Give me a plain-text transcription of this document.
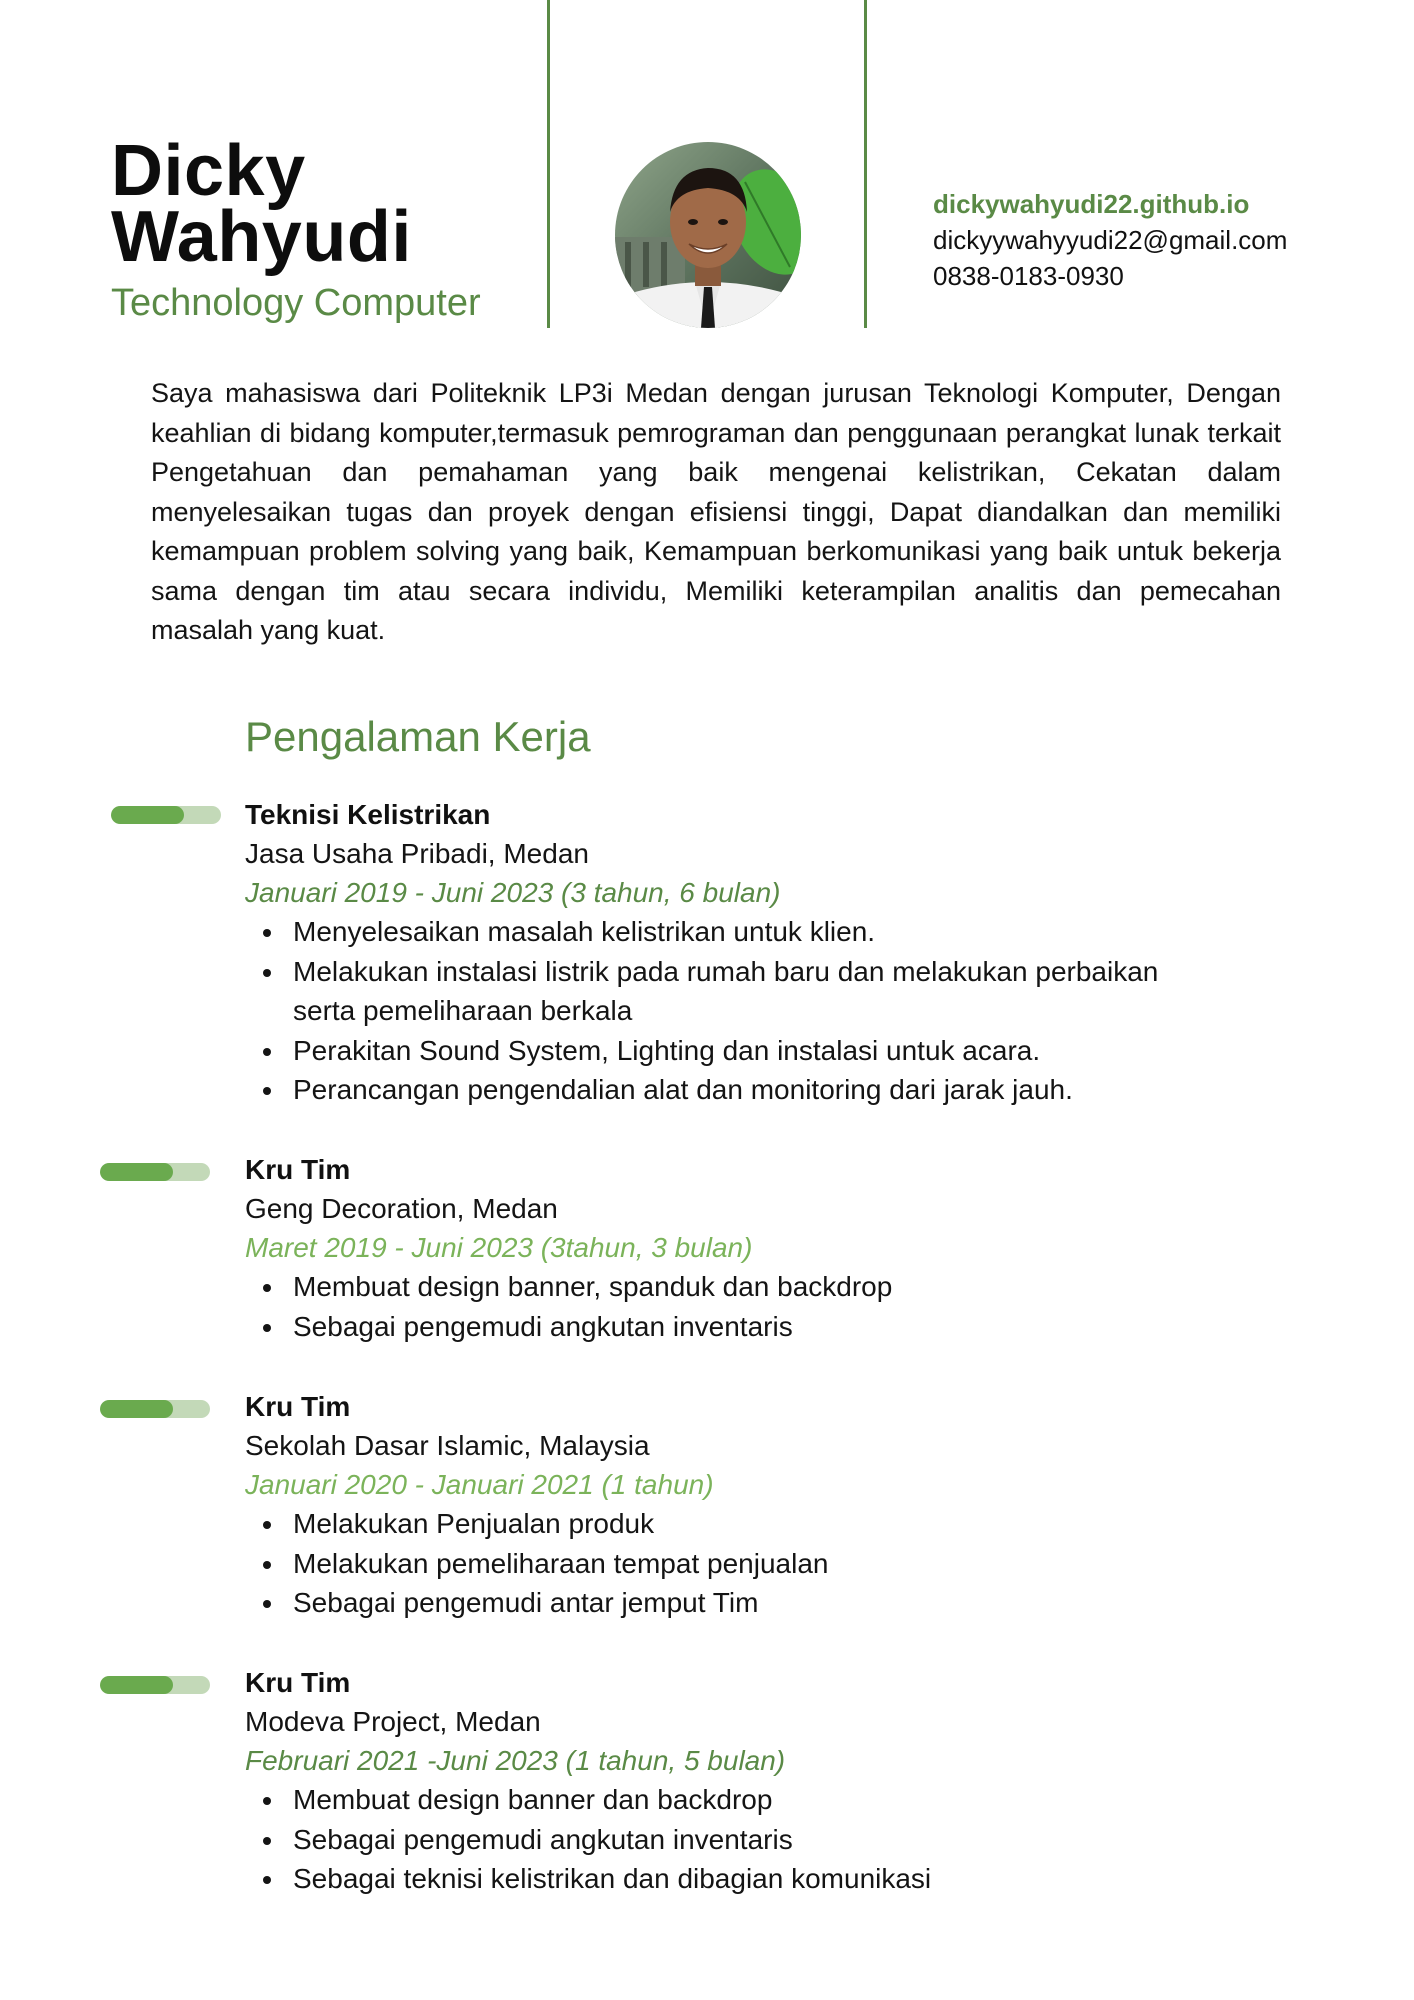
Dicky
Wahyudi
Technology Computer
dickywahyudi22.github.io
dickyywahyyudi22@gmail.com
0838-0183-0930
Saya mahasiswa dari Politeknik LP3i Medan dengan jurusan Teknologi Komputer, Dengan keahlian di bidang komputer,termasuk pemrograman dan penggunaan perangkat lunak terkait Pengetahuan dan pemahaman yang baik mengenai kelistrikan, Cekatan dalam menyelesaikan tugas dan proyek dengan efisiensi tinggi, Dapat diandalkan dan memiliki kemampuan problem solving yang baik, Kemampuan berkomunikasi yang baik untuk bekerja sama dengan tim atau secara individu, Memiliki keterampilan analitis dan pemecahan masalah yang kuat.
Pengalaman Kerja
Teknisi Kelistrikan
Jasa Usaha Pribadi, Medan
Januari 2019 - Juni 2023 (3 tahun, 6 bulan)
Menyelesaikan masalah kelistrikan untuk klien.
Melakukan instalasi listrik pada rumah baru dan melakukan perbaikan serta pemeliharaan berkala
Perakitan Sound System, Lighting dan instalasi untuk acara.
Perancangan pengendalian alat dan monitoring dari jarak jauh.
Kru Tim
Geng Decoration, Medan
Maret 2019 - Juni 2023 (3tahun, 3 bulan)
Membuat design banner, spanduk dan backdrop
Sebagai pengemudi angkutan inventaris
Kru Tim
Sekolah Dasar Islamic, Malaysia
Januari 2020 - Januari 2021 (1 tahun)
Melakukan Penjualan produk
Melakukan pemeliharaan tempat penjualan
Sebagai pengemudi antar jemput Tim
Kru Tim
Modeva Project, Medan
Februari 2021 -Juni 2023 (1 tahun, 5 bulan)
Membuat design banner dan backdrop
Sebagai pengemudi angkutan inventaris
Sebagai teknisi kelistrikan dan dibagian komunikasi
